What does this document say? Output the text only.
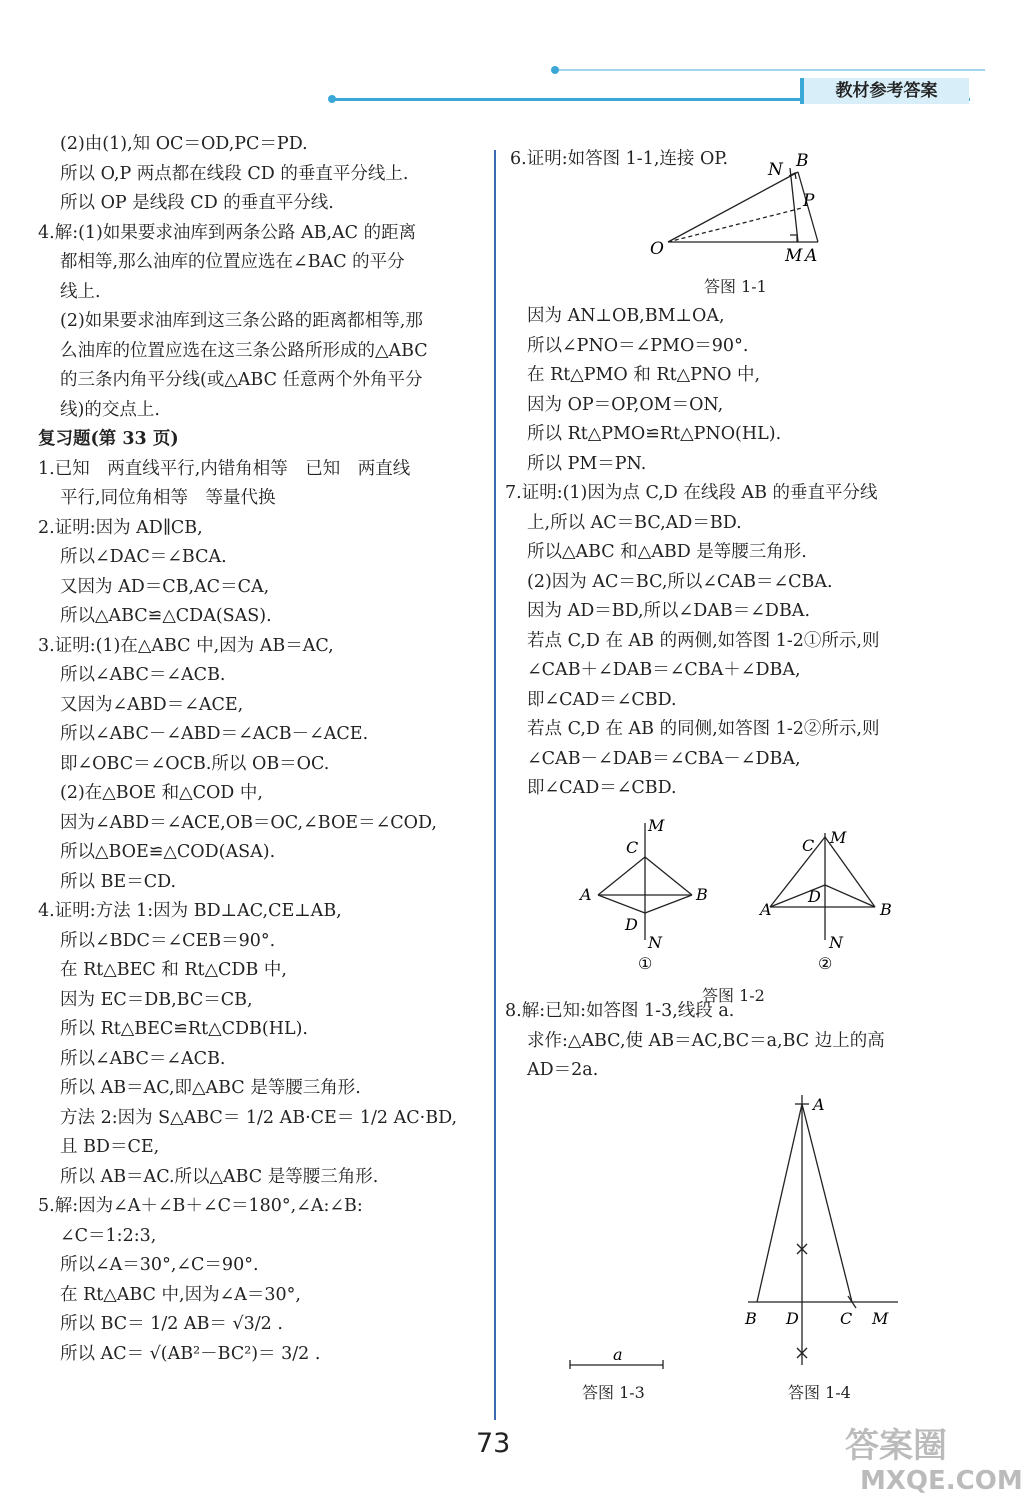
教材参考答案

(2)由(1),知 OC＝OD,PC＝PD.

所以 O,P 两点都在线段 CD 的垂直平分线上.

所以 OP 是线段 CD 的垂直平分线.

4.解:(1)如果要求油库到两条公路 AB,AC 的距离

都相等,那么油库的位置应选在∠BAC 的平分

线上.

(2)如果要求油库到这三条公路的距离都相等,那

么油库的位置应选在这三条公路所形成的△ABC

的三条内角平分线(或△ABC 任意两个外角平分

线)的交点上.

复习题(第 33 页)

1.已知　两直线平行,内错角相等　已知　两直线

平行,同位角相等　等量代换

2.证明:因为 AD∥CB,

所以∠DAC＝∠BCA.

又因为 AD＝CB,AC＝CA,

所以△ABC≌△CDA(SAS).

3.证明:(1)在△ABC 中,因为 AB＝AC,

所以∠ABC＝∠ACB.

又因为∠ABD＝∠ACE,

所以∠ABC－∠ABD＝∠ACB－∠ACE.

即∠OBC＝∠OCB.所以 OB＝OC.

(2)在△BOE 和△COD 中,

因为∠ABD＝∠ACE,OB＝OC,∠BOE＝∠COD,

所以△BOE≌△COD(ASA).

所以 BE＝CD.

4.证明:方法 1:因为 BD⊥AC,CE⊥AB,

所以∠BDC＝∠CEB＝90°.

在 Rt△BEC 和 Rt△CDB 中,

因为 EC＝DB,BC＝CB,

所以 Rt△BEC≌Rt△CDB(HL).

所以∠ABC＝∠ACB.

所以 AB＝AC,即△ABC 是等腰三角形.

方法 2:因为 S△ABC＝ 1/2 AB·CE＝ 1/2 AC·BD,

且 BD＝CE,

所以 AB＝AC.所以△ABC 是等腰三角形.

5.解:因为∠A＋∠B＋∠C＝180°,∠A:∠B:

∠C＝1:2:3,

所以∠A＝30°,∠C＝90°.

在 Rt△ABC 中,因为∠A＝30°,

所以 BC＝ 1/2 AB＝ √3/2 .

所以 AC＝ √(AB²－BC²)＝ 3/2 .

6.证明:如答图 1-1,连接 OP.

因为 AN⊥OB,BM⊥OA,

所以∠PNO＝∠PMO＝90°.

在 Rt△PMO 和 Rt△PNO 中,

因为 OP＝OP,OM＝ON,

所以 Rt△PMO≌Rt△PNO(HL).

所以 PM＝PN.

7.证明:(1)因为点 C,D 在线段 AB 的垂直平分线

上,所以 AC＝BC,AD＝BD.

所以△ABC 和△ABD 是等腰三角形.

(2)因为 AC＝BC,所以∠CAB＝∠CBA.

因为 AD＝BD,所以∠DAB＝∠DBA.

若点 C,D 在 AB 的两侧,如答图 1-2①所示,则

∠CAB＋∠DAB＝∠CBA＋∠DBA,

即∠CAD＝∠CBD.

若点 C,D 在 AB 的同侧,如答图 1-2②所示,则

∠CAB－∠DAB＝∠CBA－∠DBA,

即∠CAD＝∠CBD.

8.解:已知:如答图 1-3,线段 a.

求作:△ABC,使 AB＝AC,BC＝a,BC 边上的高

AD＝2a.

O
N B
P
M A
答图 1-1
M
C
A	B
D
N
①
M
C
A	B
D
N
②
答图 1-2
a
答图 1-3
A
B D	C M
答图 1-4
73	答案圈
MXQE.COM
